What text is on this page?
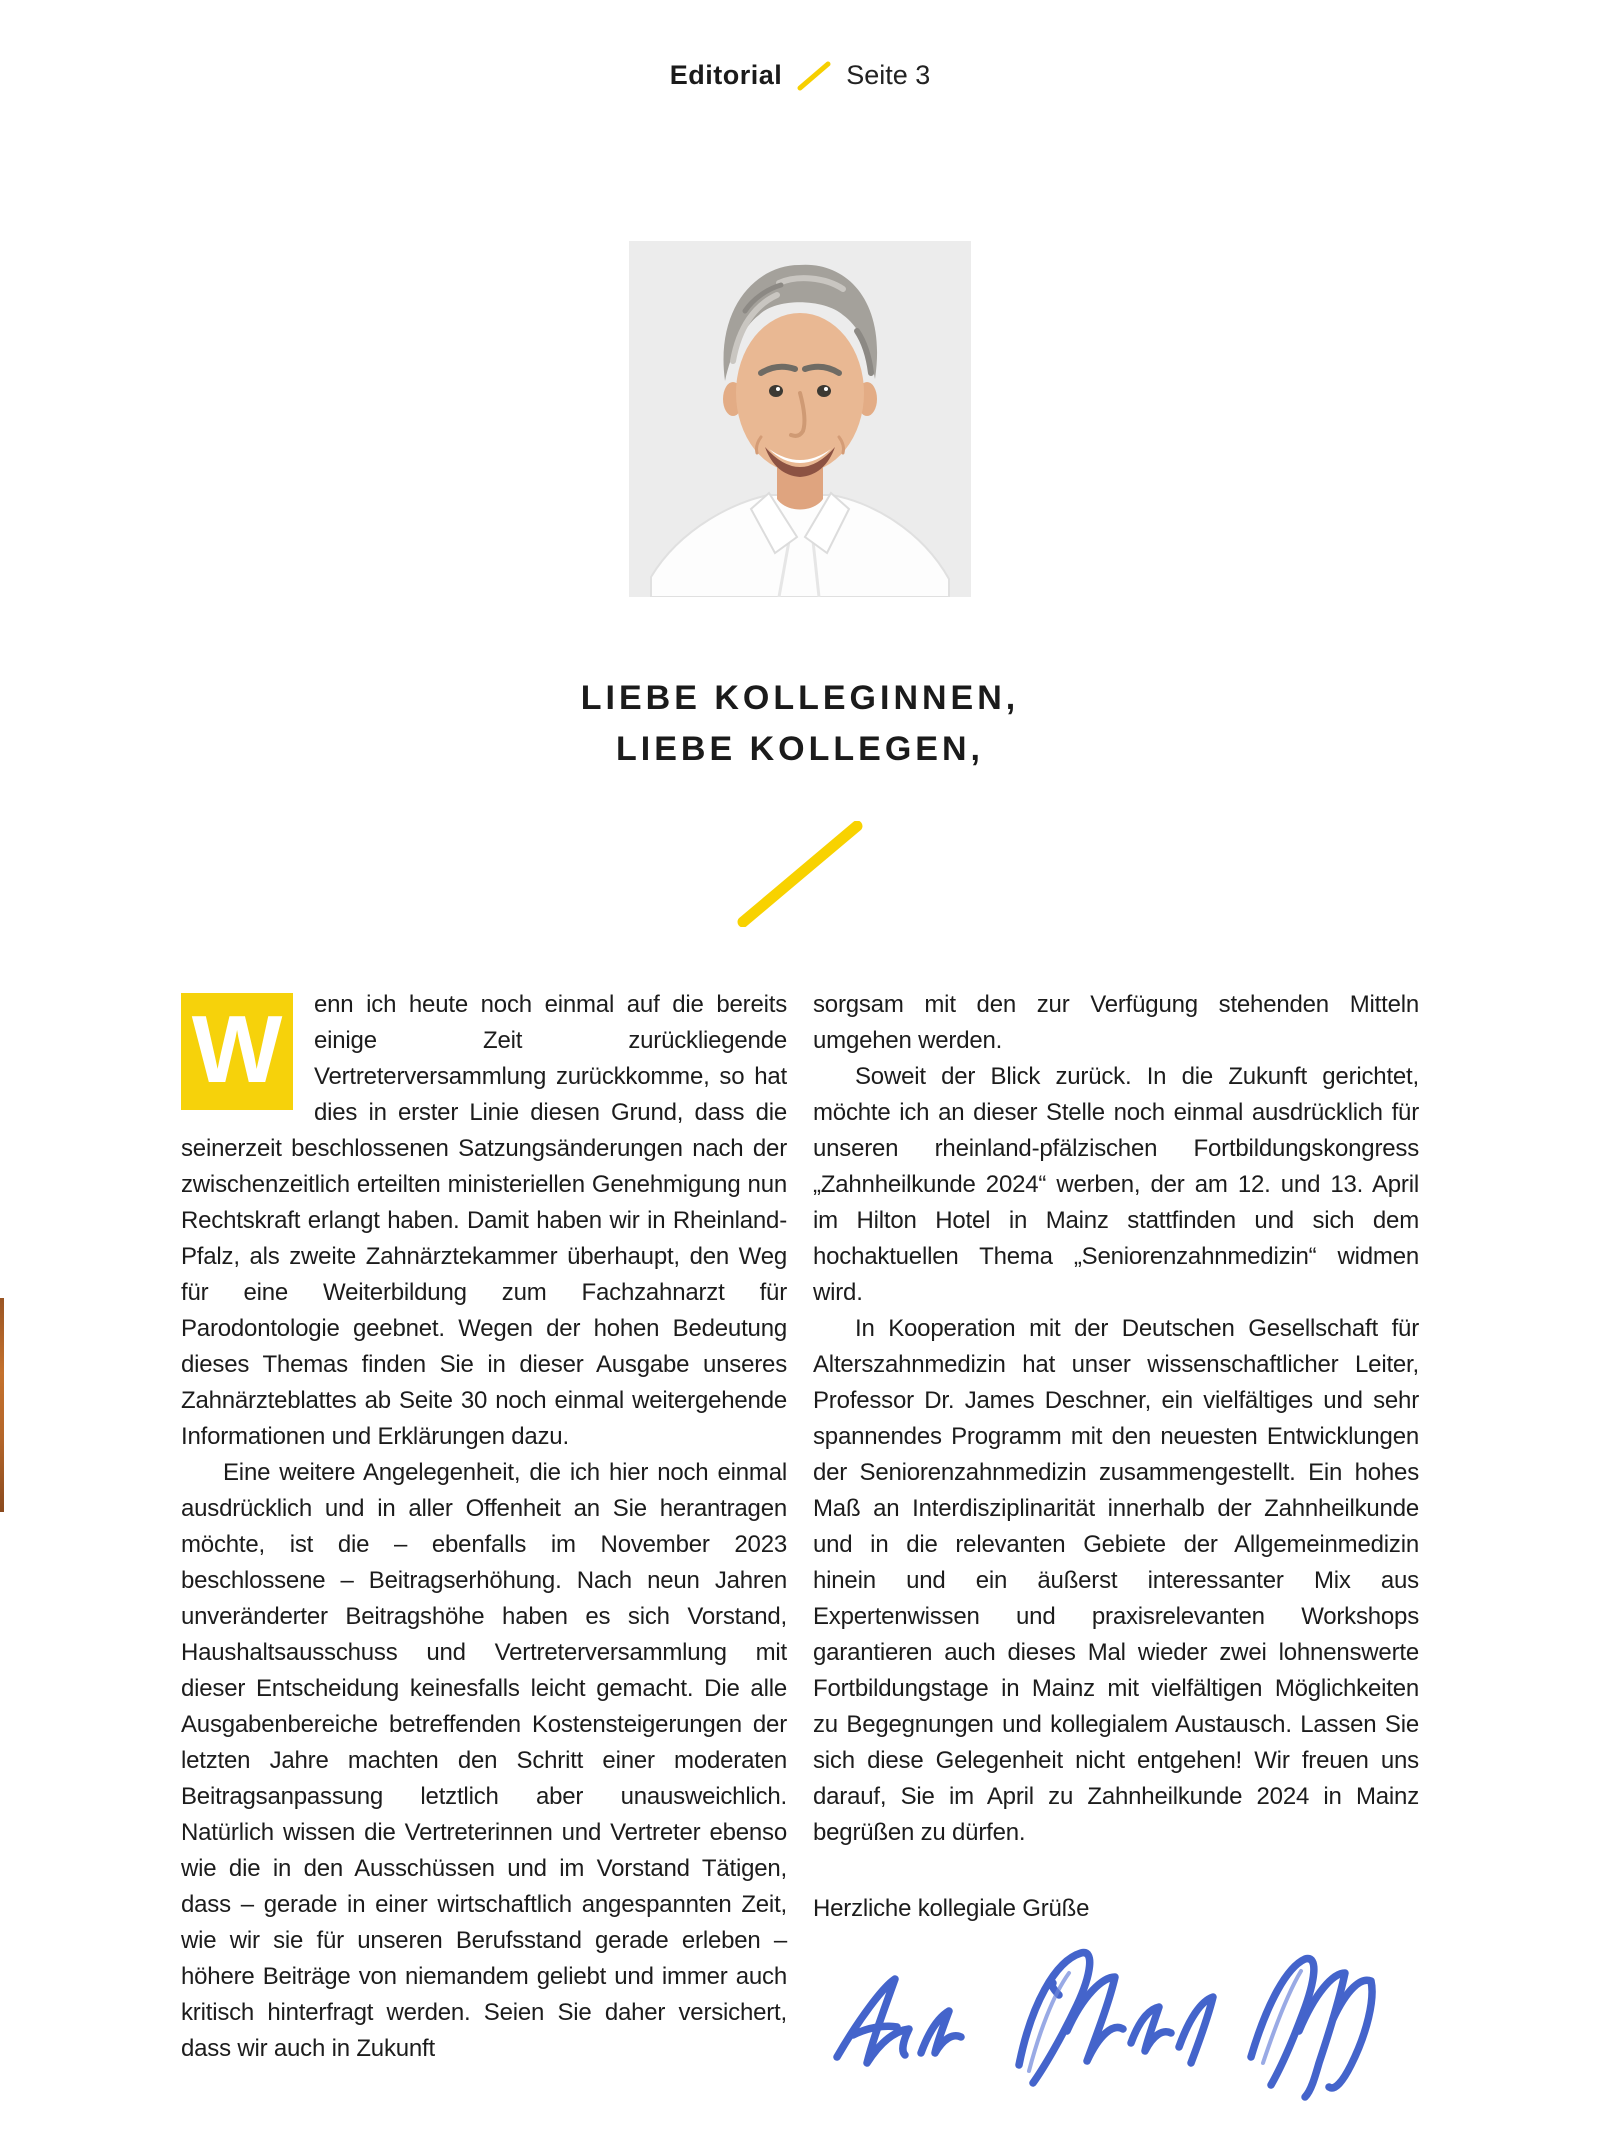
Editorial Seite 3
LIEBE KOLLEGINNEN,
LIEBE KOLLEGEN,

W enn ich heute noch einmal auf die bereits einige Zeit zurückliegende Vertreterversammlung zurückkomme, so hat dies in erster Linie diesen Grund, dass die seinerzeit beschlossenen Satzungsänderungen nach der zwischenzeitlich erteilten ministeriellen Genehmigung nun Rechtskraft erlangt haben. Damit haben wir in Rheinland-Pfalz, als zweite Zahnärztekammer überhaupt, den Weg für eine Weiterbildung zum Fachzahnarzt für Parodontologie geebnet. Wegen der hohen Bedeutung dieses Themas finden Sie in dieser Ausgabe unseres Zahnärzteblattes ab Seite 30 noch einmal weitergehende Informationen und Erklärungen dazu.

Eine weitere Angelegenheit, die ich hier noch einmal ausdrücklich und in aller Offenheit an Sie herantragen möchte, ist die – ebenfalls im November 2023 beschlossene – Beitragserhöhung. Nach neun Jahren unveränderter Beitragshöhe haben es sich Vorstand, Haushaltsausschuss und Vertreterversammlung mit dieser Entscheidung keinesfalls leicht gemacht. Die alle Ausgabenbereiche betreffenden Kostensteigerungen der letzten Jahre machten den Schritt einer moderaten Beitragsanpassung letztlich aber unausweichlich. Natürlich wissen die Vertreterinnen und Vertreter ebenso wie die in den Ausschüssen und im Vorstand Tätigen, dass – gerade in einer wirtschaftlich angespannten Zeit, wie wir sie für unseren Berufsstand gerade erleben – höhere Beiträge von niemandem geliebt und immer auch kritisch hinterfragt werden. Seien Sie daher versichert, dass wir auch in Zukunft

sorgsam mit den zur Verfügung stehenden Mitteln umgehen werden.

Soweit der Blick zurück. In die Zukunft gerichtet, möchte ich an dieser Stelle noch einmal ausdrücklich für unseren rheinland-pfälzischen Fortbildungskongress „Zahnheilkunde 2024“ werben, der am 12. und 13. April im Hilton Hotel in Mainz stattfinden und sich dem hochaktuellen Thema „Seniorenzahnmedizin“ widmen wird.

In Kooperation mit der Deutschen Gesellschaft für Alterszahnmedizin hat unser wissenschaftlicher Leiter, Professor Dr. James Deschner, ein vielfältiges und sehr spannendes Programm mit den neuesten Entwicklungen der Seniorenzahnmedizin zusammengestellt. Ein hohes Maß an Interdisziplinarität innerhalb der Zahnheilkunde und in die relevanten Gebiete der Allgemeinmedizin hinein und ein äußerst interessanter Mix aus Expertenwissen und praxisrelevanten Workshops garantieren auch dieses Mal wieder zwei lohnenswerte Fortbildungstage in Mainz mit vielfältigen Möglichkeiten zu Begegnungen und kollegialem Austausch. Lassen Sie sich diese Gelegenheit nicht entgehen! Wir freuen uns darauf, Sie im April zu Zahnheilkunde 2024 in Mainz begrüßen zu dürfen.

Herzliche kollegiale Grüße
